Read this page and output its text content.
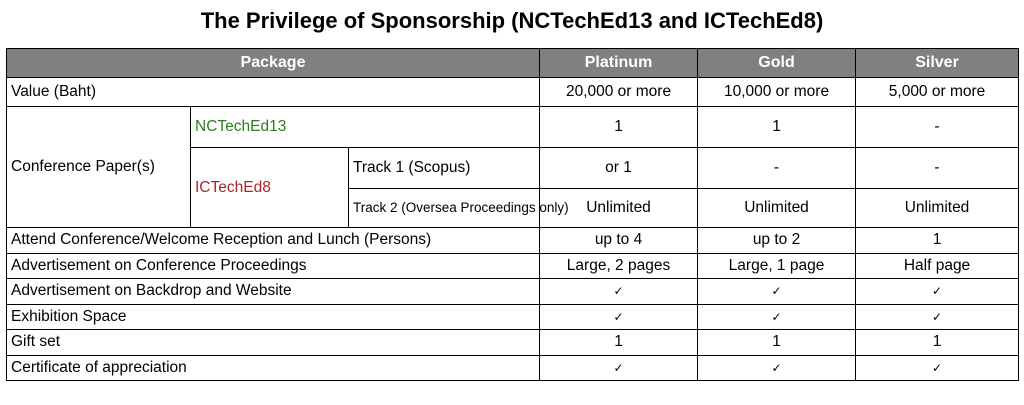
The Privilege of Sponsorship (NCTechEd13 and ICTechEd8)
Package			Platinum	Gold	Silver
Value (Baht)			20,000 or more	10,000 or more	5,000 or more
Conference Paper(s)	NCTechEd13		1	1	-
	ICTechEd8	Track 1 (Scopus)	or 1	-	-
		Track 2 (Oversea Proceedings only)	Unlimited	Unlimited	Unlimited
Attend Conference/Welcome Reception and Lunch (Persons)			up to 4	up to 2	1
Advertisement on Conference Proceedings			Large, 2 pages	Large, 1 page	Half page
Advertisement on Backdrop and Website			✓	✓	✓
Exhibition Space			✓	✓	✓
Gift set			1	1	1
Certificate of appreciation			✓	✓	✓
